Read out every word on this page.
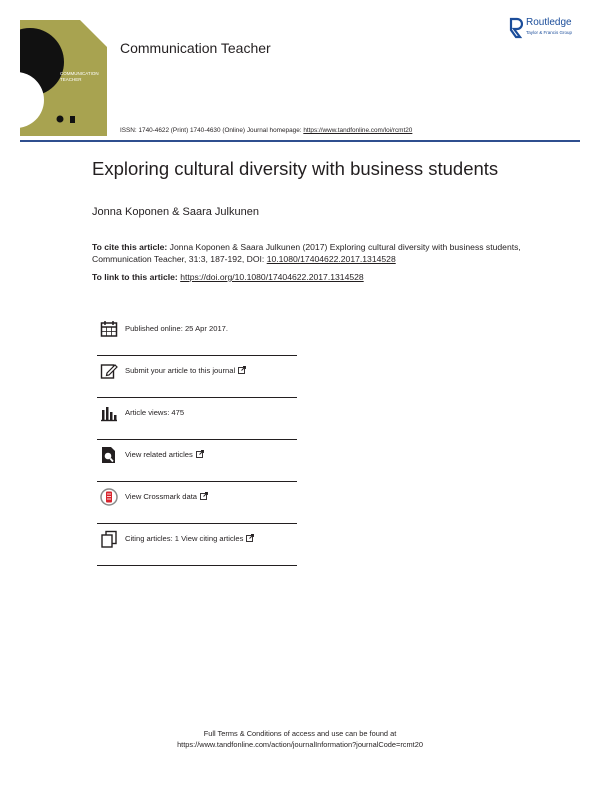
COMMUNICATION
TEACHER
Communication Teacher
Routledge
Taylor & Francis Group
ISSN: 1740-4622 (Print) 1740-4630 (Online) Journal homepage: https://www.tandfonline.com/loi/rcmt20
Exploring cultural diversity with business students
Jonna Koponen & Saara Julkunen
To cite this article: Jonna Koponen & Saara Julkunen (2017) Exploring cultural diversity with business students, Communication Teacher, 31:3, 187-192, DOI: 10.1080/17404622.2017.1314528
To link to this article: https://doi.org/10.1080/17404622.2017.1314528
Published online: 25 Apr 2017.
Submit your article to this journal
Article views: 475
View related articles
View Crossmark data
Citing articles: 1 View citing articles
Full Terms & Conditions of access and use can be found at
https://www.tandfonline.com/action/journalInformation?journalCode=rcmt20
